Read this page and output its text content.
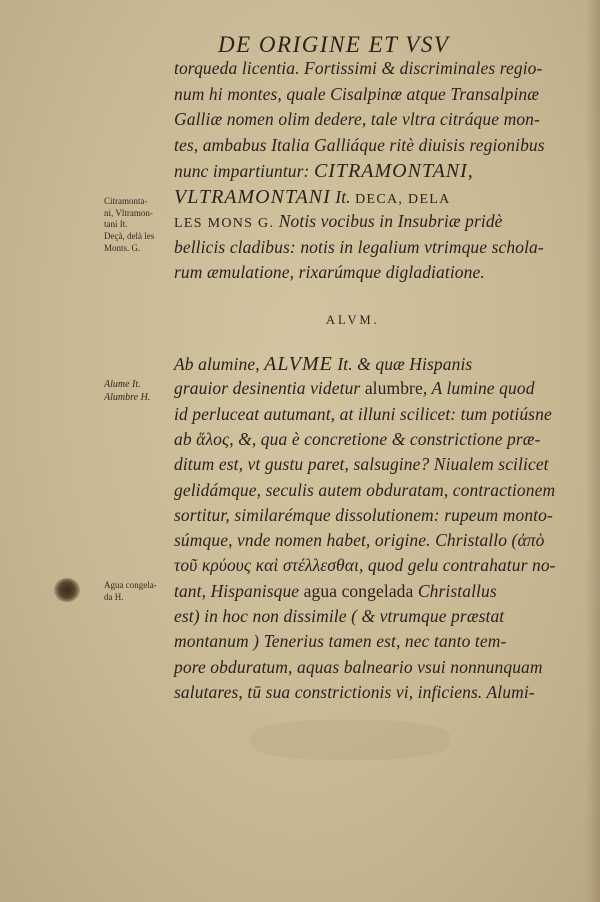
DE ORIGINE ET VSV
torqueda licentia. Fortissimi & discriminales regio-
num hi montes, quale Cisalpinæ atque Transalpinæ
Galliæ nomen olim dedere, tale vltra citráque mon-
tes, ambabus Italia Galliáque ritè diuisis regionibus
nunc impartiuntur: CITRAMONTANI,
VLTRAMONTANI It. DECA, DELA
LES MONS G. Notis vocibus in Insubriæ pridè
bellicis cladibus: notis in legalium vtrimque schola-
rum æmulatione, rixarúmque digladiatione.
ALVM.
Ab alumine, ALVME It. & quæ Hispanis
grauior desinentia videtur alumbre, A lumine quod
id perluceat autumant, at illuni scilicet: tum potiúsne
ab ἅλος, &, qua è concretione & constrictione præ-
ditum est, vt gustu paret, salsugine? Niualem scilicet
gelidámque, seculis autem obduratam, contractionem
sortitur, similarémque dissolutionem: rupeum monto-
súmque, vnde nomen habet, origine. Christallo (ἀπὸ
τοῦ κρύους καὶ στέλλεσθαι, quod gelu contrahatur no-
tant, Hispanisque agua congelada Christallus
est) in hoc non dissimile ( & vtrumque præstat
montanum ) Tenerius tamen est, nec tanto tem-
pore obduratum, aquas balneario vsui nonnunquam
salutares, tū sua constrictionis vi, inficiens. Alumi-
Citramonta-
ni, Vltramon-
tani It.
Deçà, delà les
Monts. G.
Alume It.
Alumbre H.
Agua congela-
da H.
